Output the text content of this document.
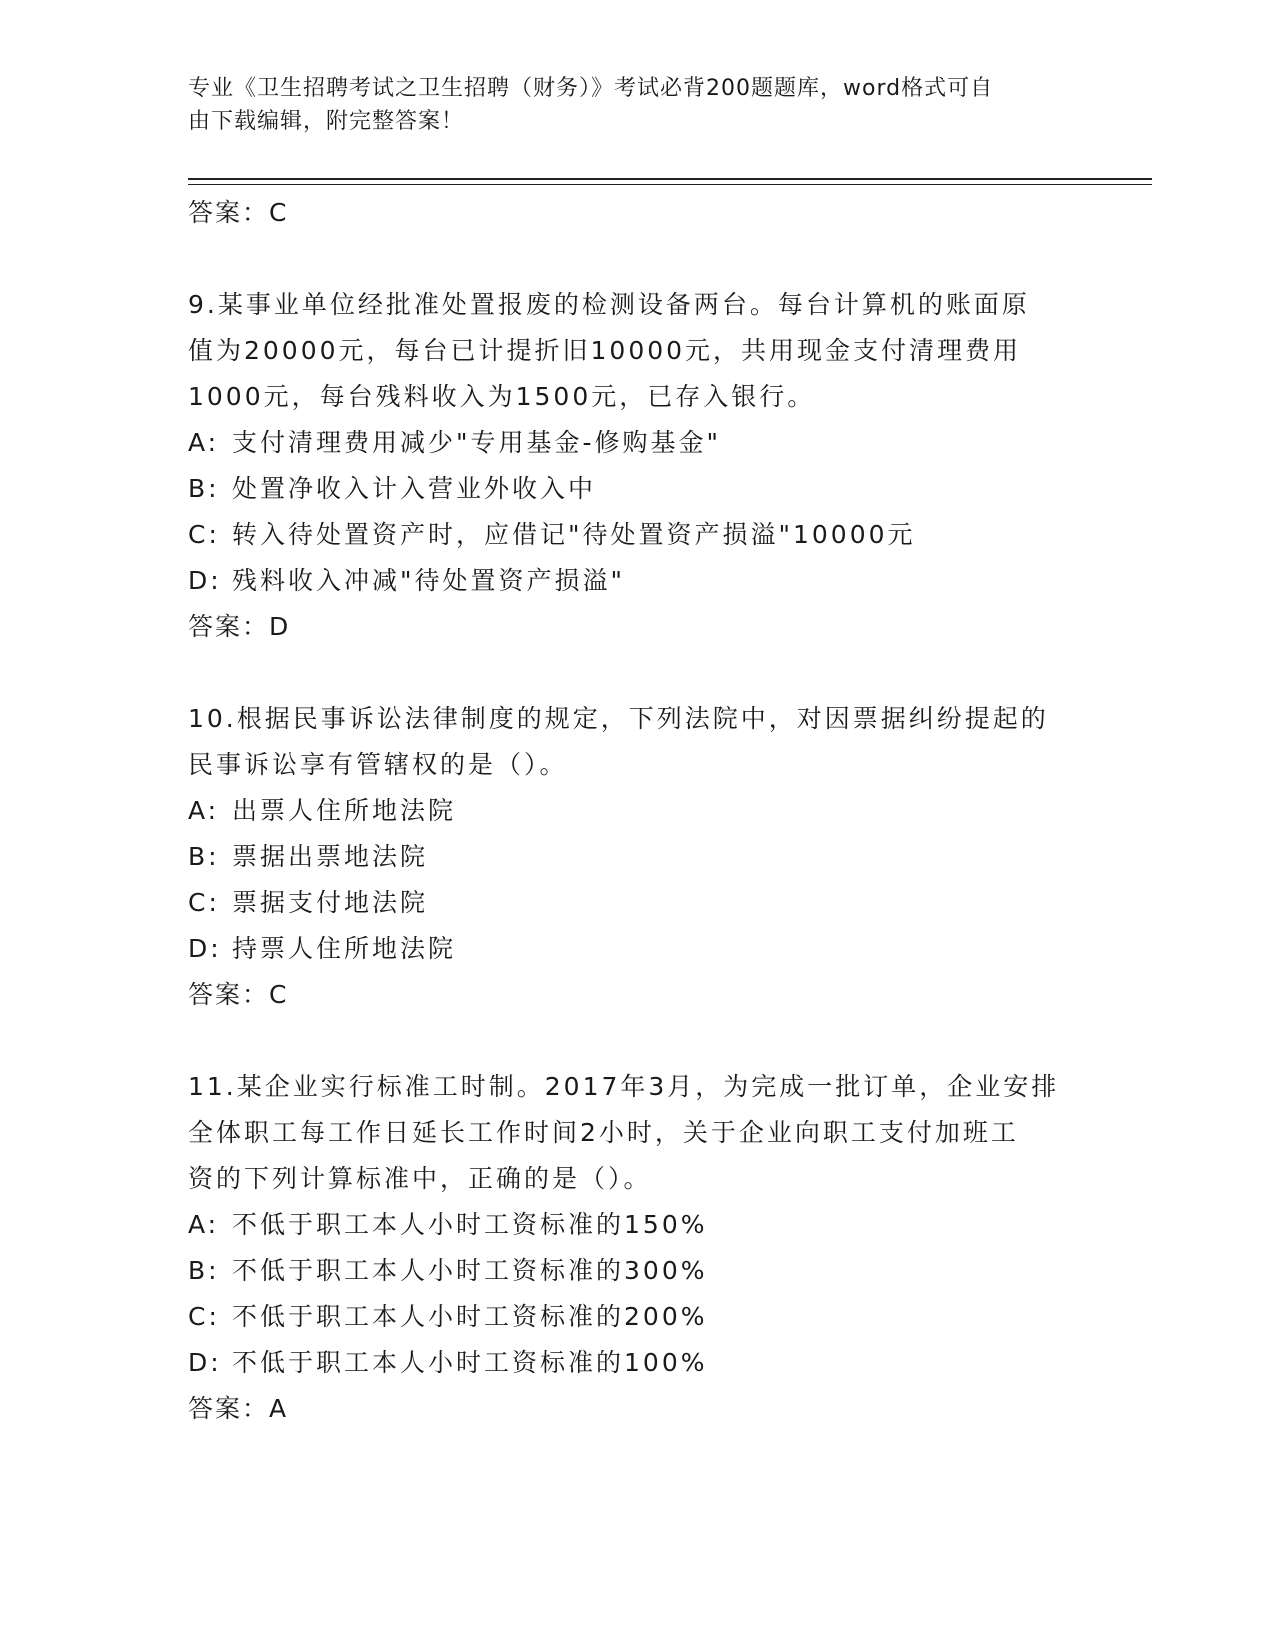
专业《卫生招聘考试之卫生招聘（财务）》考试必背200题题库，word格式可自
由下载编辑，附完整答案！
答案：C
9.某事业单位经批准处置报废的检测设备两台。每台计算机的账面原
值为20000元，每台已计提折旧10000元，共用现金支付清理费用
1000元，每台残料收入为1500元，已存入银行。
A: 支付清理费用减少"专用基金-修购基金"
B: 处置净收入计入营业外收入中
C: 转入待处置资产时，应借记"待处置资产损溢"10000元
D: 残料收入冲减"待处置资产损溢"
答案：D
10.根据民事诉讼法律制度的规定，下列法院中，对因票据纠纷提起的
民事诉讼享有管辖权的是（）。
A: 出票人住所地法院
B: 票据出票地法院
C: 票据支付地法院
D: 持票人住所地法院
答案：C
11.某企业实行标准工时制。2017年3月，为完成一批订单，企业安排
全体职工每工作日延长工作时间2小时，关于企业向职工支付加班工
资的下列计算标准中，正确的是（）。
A: 不低于职工本人小时工资标准的150%
B: 不低于职工本人小时工资标准的300%
C: 不低于职工本人小时工资标准的200%
D: 不低于职工本人小时工资标准的100%
答案：A
